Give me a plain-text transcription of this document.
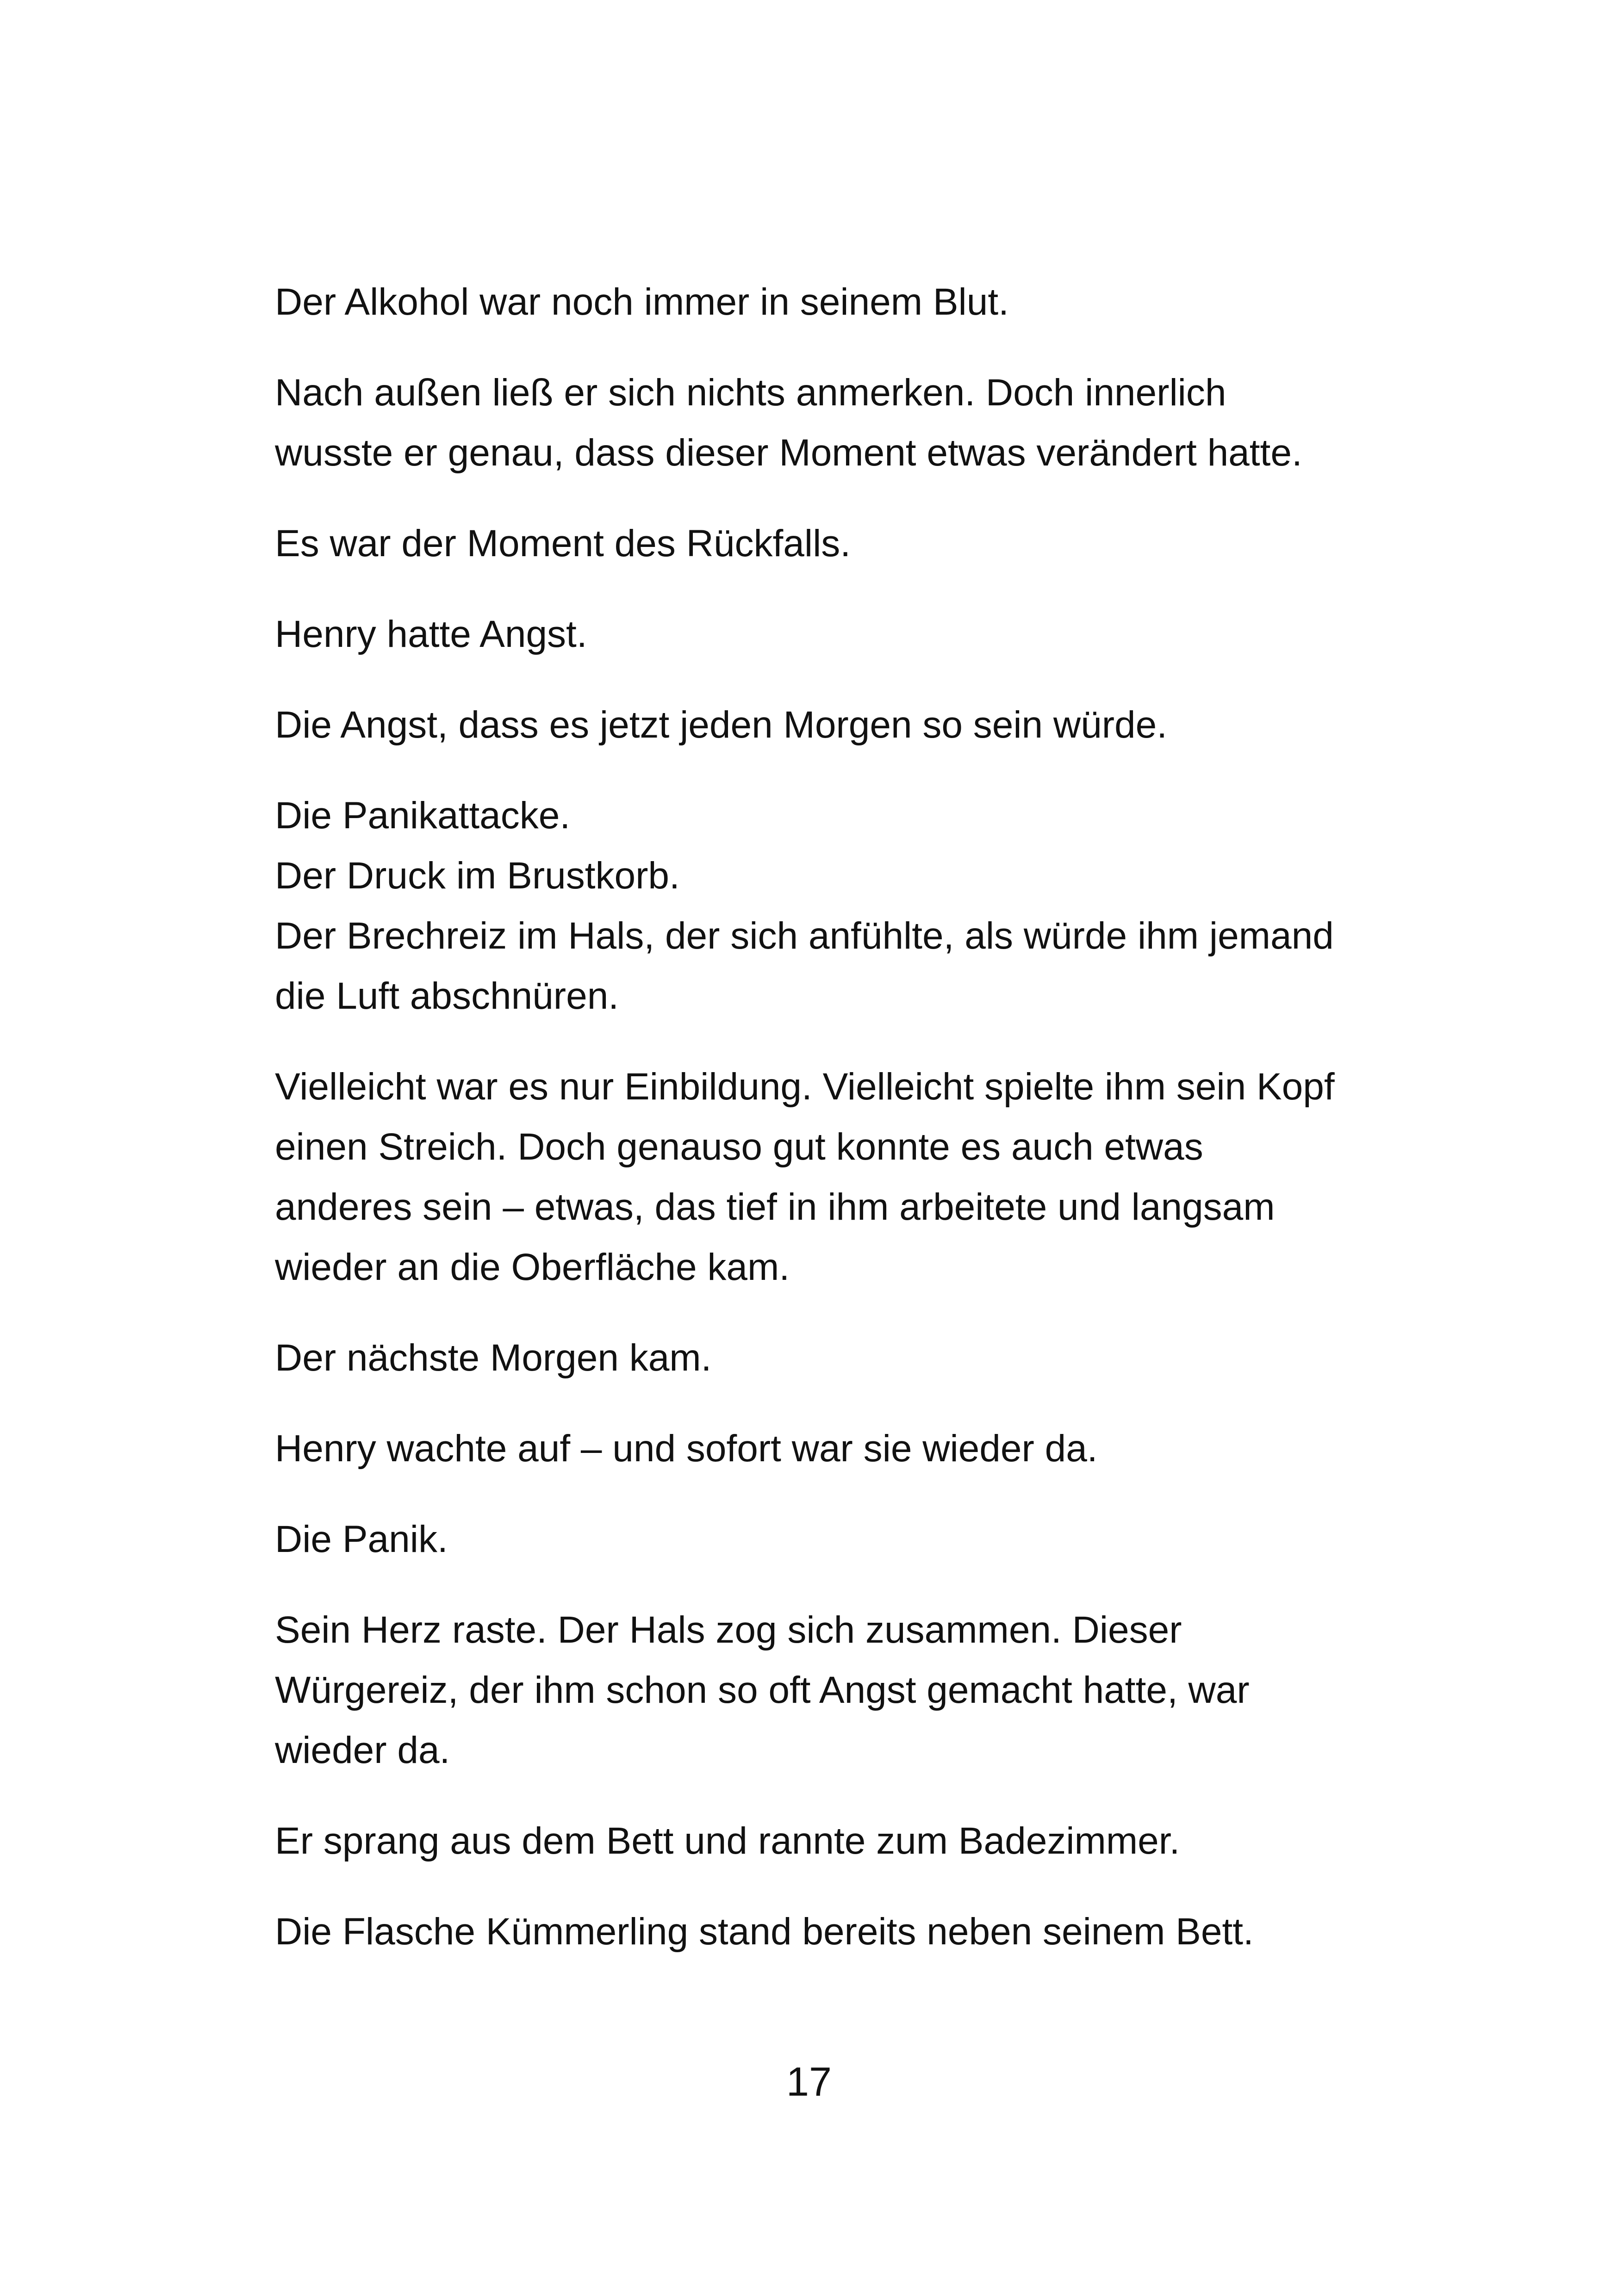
Der Alkohol war noch immer in seinem Blut.

Nach außen ließ er sich nichts anmerken. Doch innerlich wusste er genau, dass dieser Moment etwas verändert hatte.

Es war der Moment des Rückfalls.

Henry hatte Angst.

Die Angst, dass es jetzt jeden Morgen so sein würde.

Die Panikattacke.
Der Druck im Brustkorb.
Der Brechreiz im Hals, der sich anfühlte, als würde ihm jemand die Luft abschnüren.

Vielleicht war es nur Einbildung. Vielleicht spielte ihm sein Kopf einen Streich. Doch genauso gut konnte es auch etwas anderes sein – etwas, das tief in ihm arbeitete und langsam wieder an die Oberfläche kam.

Der nächste Morgen kam.

Henry wachte auf – und sofort war sie wieder da.

Die Panik.

Sein Herz raste. Der Hals zog sich zusammen. Dieser Würgereiz, der ihm schon so oft Angst gemacht hatte, war wieder da.

Er sprang aus dem Bett und rannte zum Badezimmer.

Die Flasche Kümmerling stand bereits neben seinem Bett.

17
